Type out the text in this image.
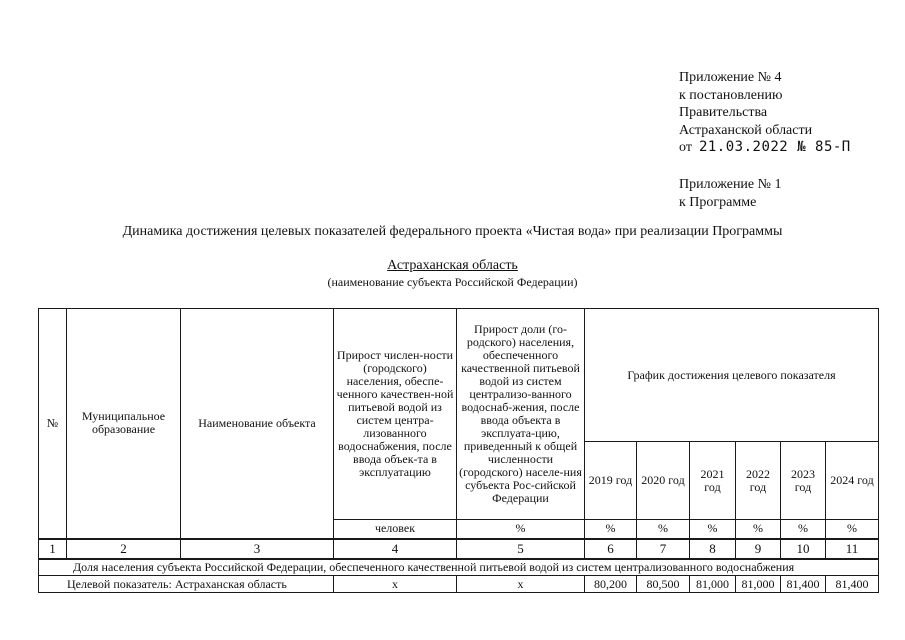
Приложение № 4
к постановлению
Правительства
Астраханской области
от 21.03.2022 № 85-П
Приложение № 1
к Программе
Динамика достижения целевых показателей федерального проекта «Чистая вода» при реализации Программы
Астраханская область
(наименование субъекта Российской Федерации)
№	Муниципальное образование	Наименование объекта	Прирост числен-ности (городского) населения, обеспе-ченного качествен-ной питьевой водой из систем центра-лизованного водоснабжения, после ввода объек-та в эксплуатацию	Прирост доли (го-родского) населения, обеспеченного качественной питьевой водой из систем централизо-ванного водоснаб-жения, после ввода объекта в эксплуата-цию, приведенный к общей численности (городского) населе-ния субъекта Рос-сийской Федерации	График достижения целевого показателя					
					2019 год	2020 год	2021 год	2022 год	2023 год	2024 год
			человек	%	%	%	%	%	%	%
1	2	3	4	5	6	7	8	9	10	11
Доля населения субъекта Российской Федерации, обеспеченного качественной питьевой водой из систем централизованного водоснабжения										
Целевой показатель: Астраханская область			х	х	80,200	80,500	81,000	81,000	81,400	81,400
